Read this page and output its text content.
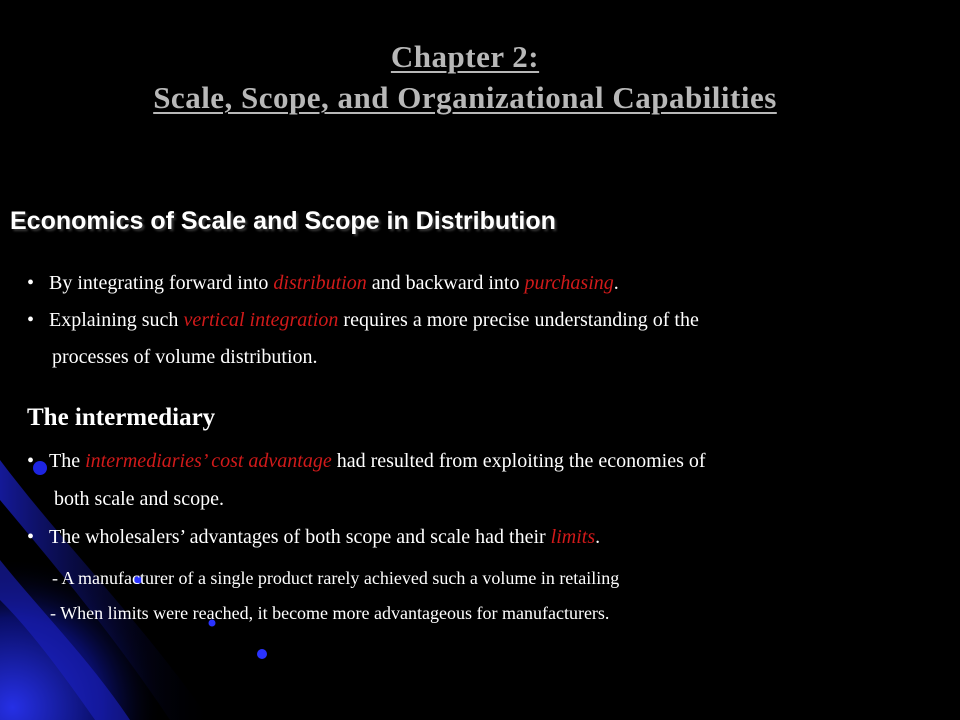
Chapter 2:
Scale, Scope, and Organizational Capabilities
Economics of Scale and Scope in Distribution
• By integrating forward into distribution and backward into purchasing.
• Explaining such vertical integration requires a more precise understanding of the
processes of volume distribution.
The intermediary
• The intermediaries’ cost advantage had resulted from exploiting the economies of
both scale and scope.
• The wholesalers’ advantages of both scope and scale had their limits.
- A manufacturer of a single product rarely achieved such a volume in retailing
- When limits were reached, it become more advantageous for manufacturers.
